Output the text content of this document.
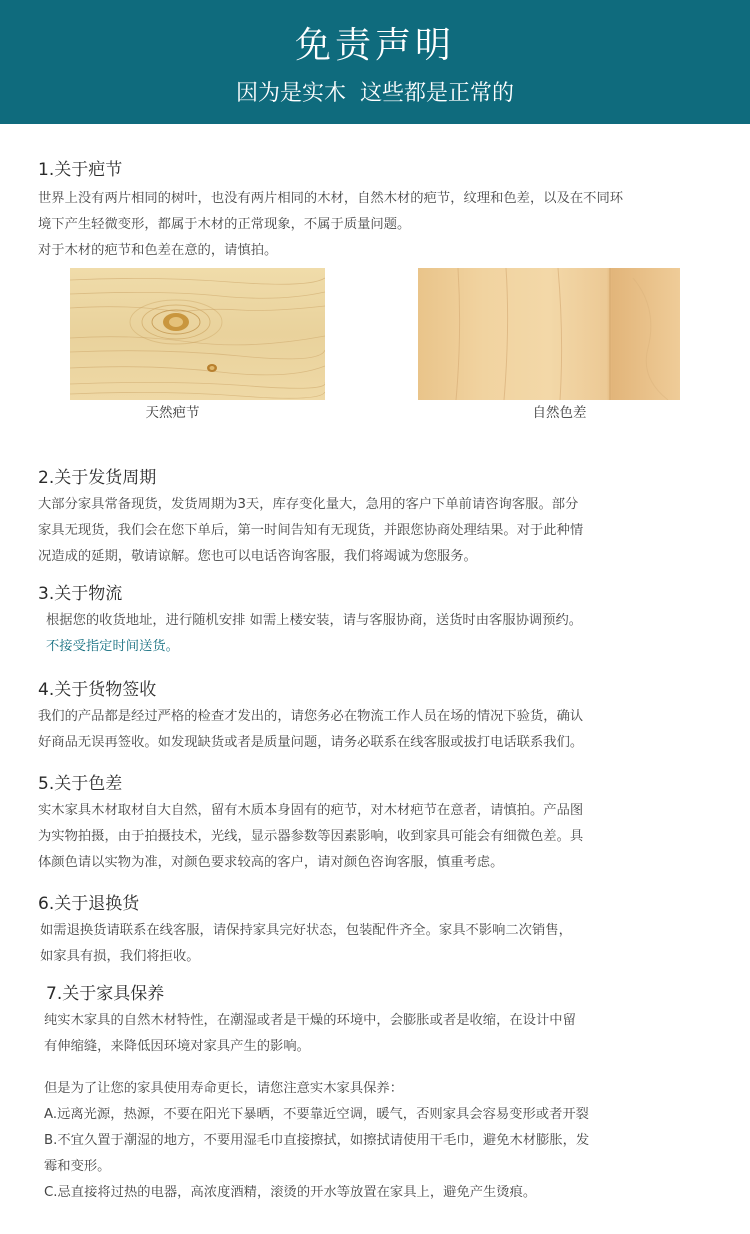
免责声明
因为是实木  这些都是正常的
1.关于疤节
世界上没有两片相同的树叶，也没有两片相同的木材，自然木材的疤节，纹理和色差，以及在不同环
境下产生轻微变形，都属于木材的正常现象，不属于质量问题。
对于木材的疤节和色差在意的，请慎拍。
天然疤节	自然色差
2.关于发货周期
大部分家具常备现货，发货周期为3天，库存变化量大，急用的客户下单前请咨询客服。部分
家具无现货，我们会在您下单后，第一时间告知有无现货，并跟您协商处理结果。对于此种情
况造成的延期，敬请谅解。您也可以电话咨询客服，我们将竭诚为您服务。
3.关于物流
根据您的收货地址，进行随机安排 如需上楼安装，请与客服协商，送货时由客服协调预约。
不接受指定时间送货。
4.关于货物签收
我们的产品都是经过严格的检查才发出的，请您务必在物流工作人员在场的情况下验货，确认
好商品无误再签收。如发现缺货或者是质量问题，请务必联系在线客服或拔打电话联系我们。
5.关于色差
实木家具木材取材自大自然，留有木质本身固有的疤节，对木材疤节在意者，请慎拍。产品图
为实物拍摄，由于拍摄技术，光线，显示器参数等因素影响，收到家具可能会有细微色差。具
体颜色请以实物为准，对颜色要求较高的客户，请对颜色咨询客服，慎重考虑。
6.关于退换货
如需退换货请联系在线客服，请保持家具完好状态，包装配件齐全。家具不影响二次销售，
如家具有损，我们将拒收。
7.关于家具保养
纯实木家具的自然木材特性，在潮湿或者是干燥的环境中，会膨胀或者是收缩，在设计中留
有伸缩缝，来降低因环境对家具产生的影响。
但是为了让您的家具使用寿命更长，请您注意实木家具保养：
A.远离光源，热源，不要在阳光下暴晒，不要靠近空调，暖气，否则家具会容易变形或者开裂
B.不宜久置于潮湿的地方，不要用湿毛巾直接擦拭，如擦拭请使用干毛巾，避免木材膨胀，发
霉和变形。
C.忌直接将过热的电器，高浓度酒精，滚烫的开水等放置在家具上，避免产生烫痕。
